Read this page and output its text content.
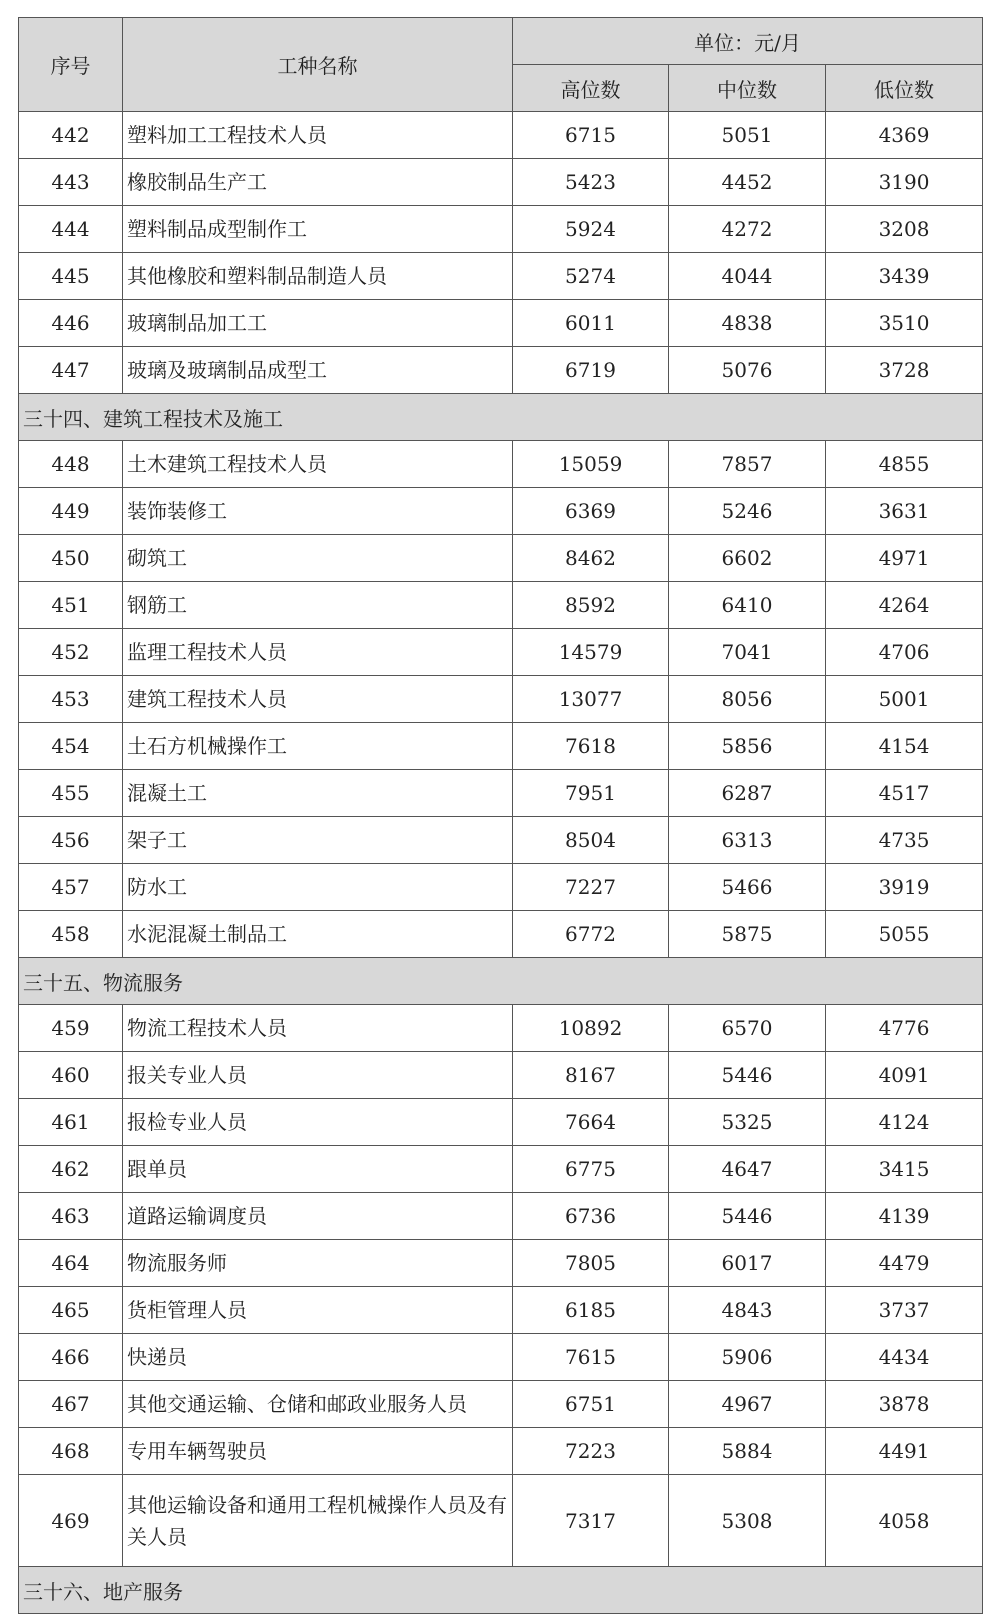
序号	工种名称	单位：元/月		
		高位数	中位数	低位数
442	塑料加工工程技术人员	6715	5051	4369
443	橡胶制品生产工	5423	4452	3190
444	塑料制品成型制作工	5924	4272	3208
445	其他橡胶和塑料制品制造人员	5274	4044	3439
446	玻璃制品加工工	6011	4838	3510
447	玻璃及玻璃制品成型工	6719	5076	3728
三十四、建筑工程技术及施工				
448	土木建筑工程技术人员	15059	7857	4855
449	装饰装修工	6369	5246	3631
450	砌筑工	8462	6602	4971
451	钢筋工	8592	6410	4264
452	监理工程技术人员	14579	7041	4706
453	建筑工程技术人员	13077	8056	5001
454	土石方机械操作工	7618	5856	4154
455	混凝土工	7951	6287	4517
456	架子工	8504	6313	4735
457	防水工	7227	5466	3919
458	水泥混凝土制品工	6772	5875	5055
三十五、物流服务				
459	物流工程技术人员	10892	6570	4776
460	报关专业人员	8167	5446	4091
461	报检专业人员	7664	5325	4124
462	跟单员	6775	4647	3415
463	道路运输调度员	6736	5446	4139
464	物流服务师	7805	6017	4479
465	货柜管理人员	6185	4843	3737
466	快递员	7615	5906	4434
467	其他交通运输、仓储和邮政业服务人员	6751	4967	3878
468	专用车辆驾驶员	7223	5884	4491
469	其他运输设备和通用工程机械操作人员及有关人员	7317	5308	4058
三十六、地产服务				
